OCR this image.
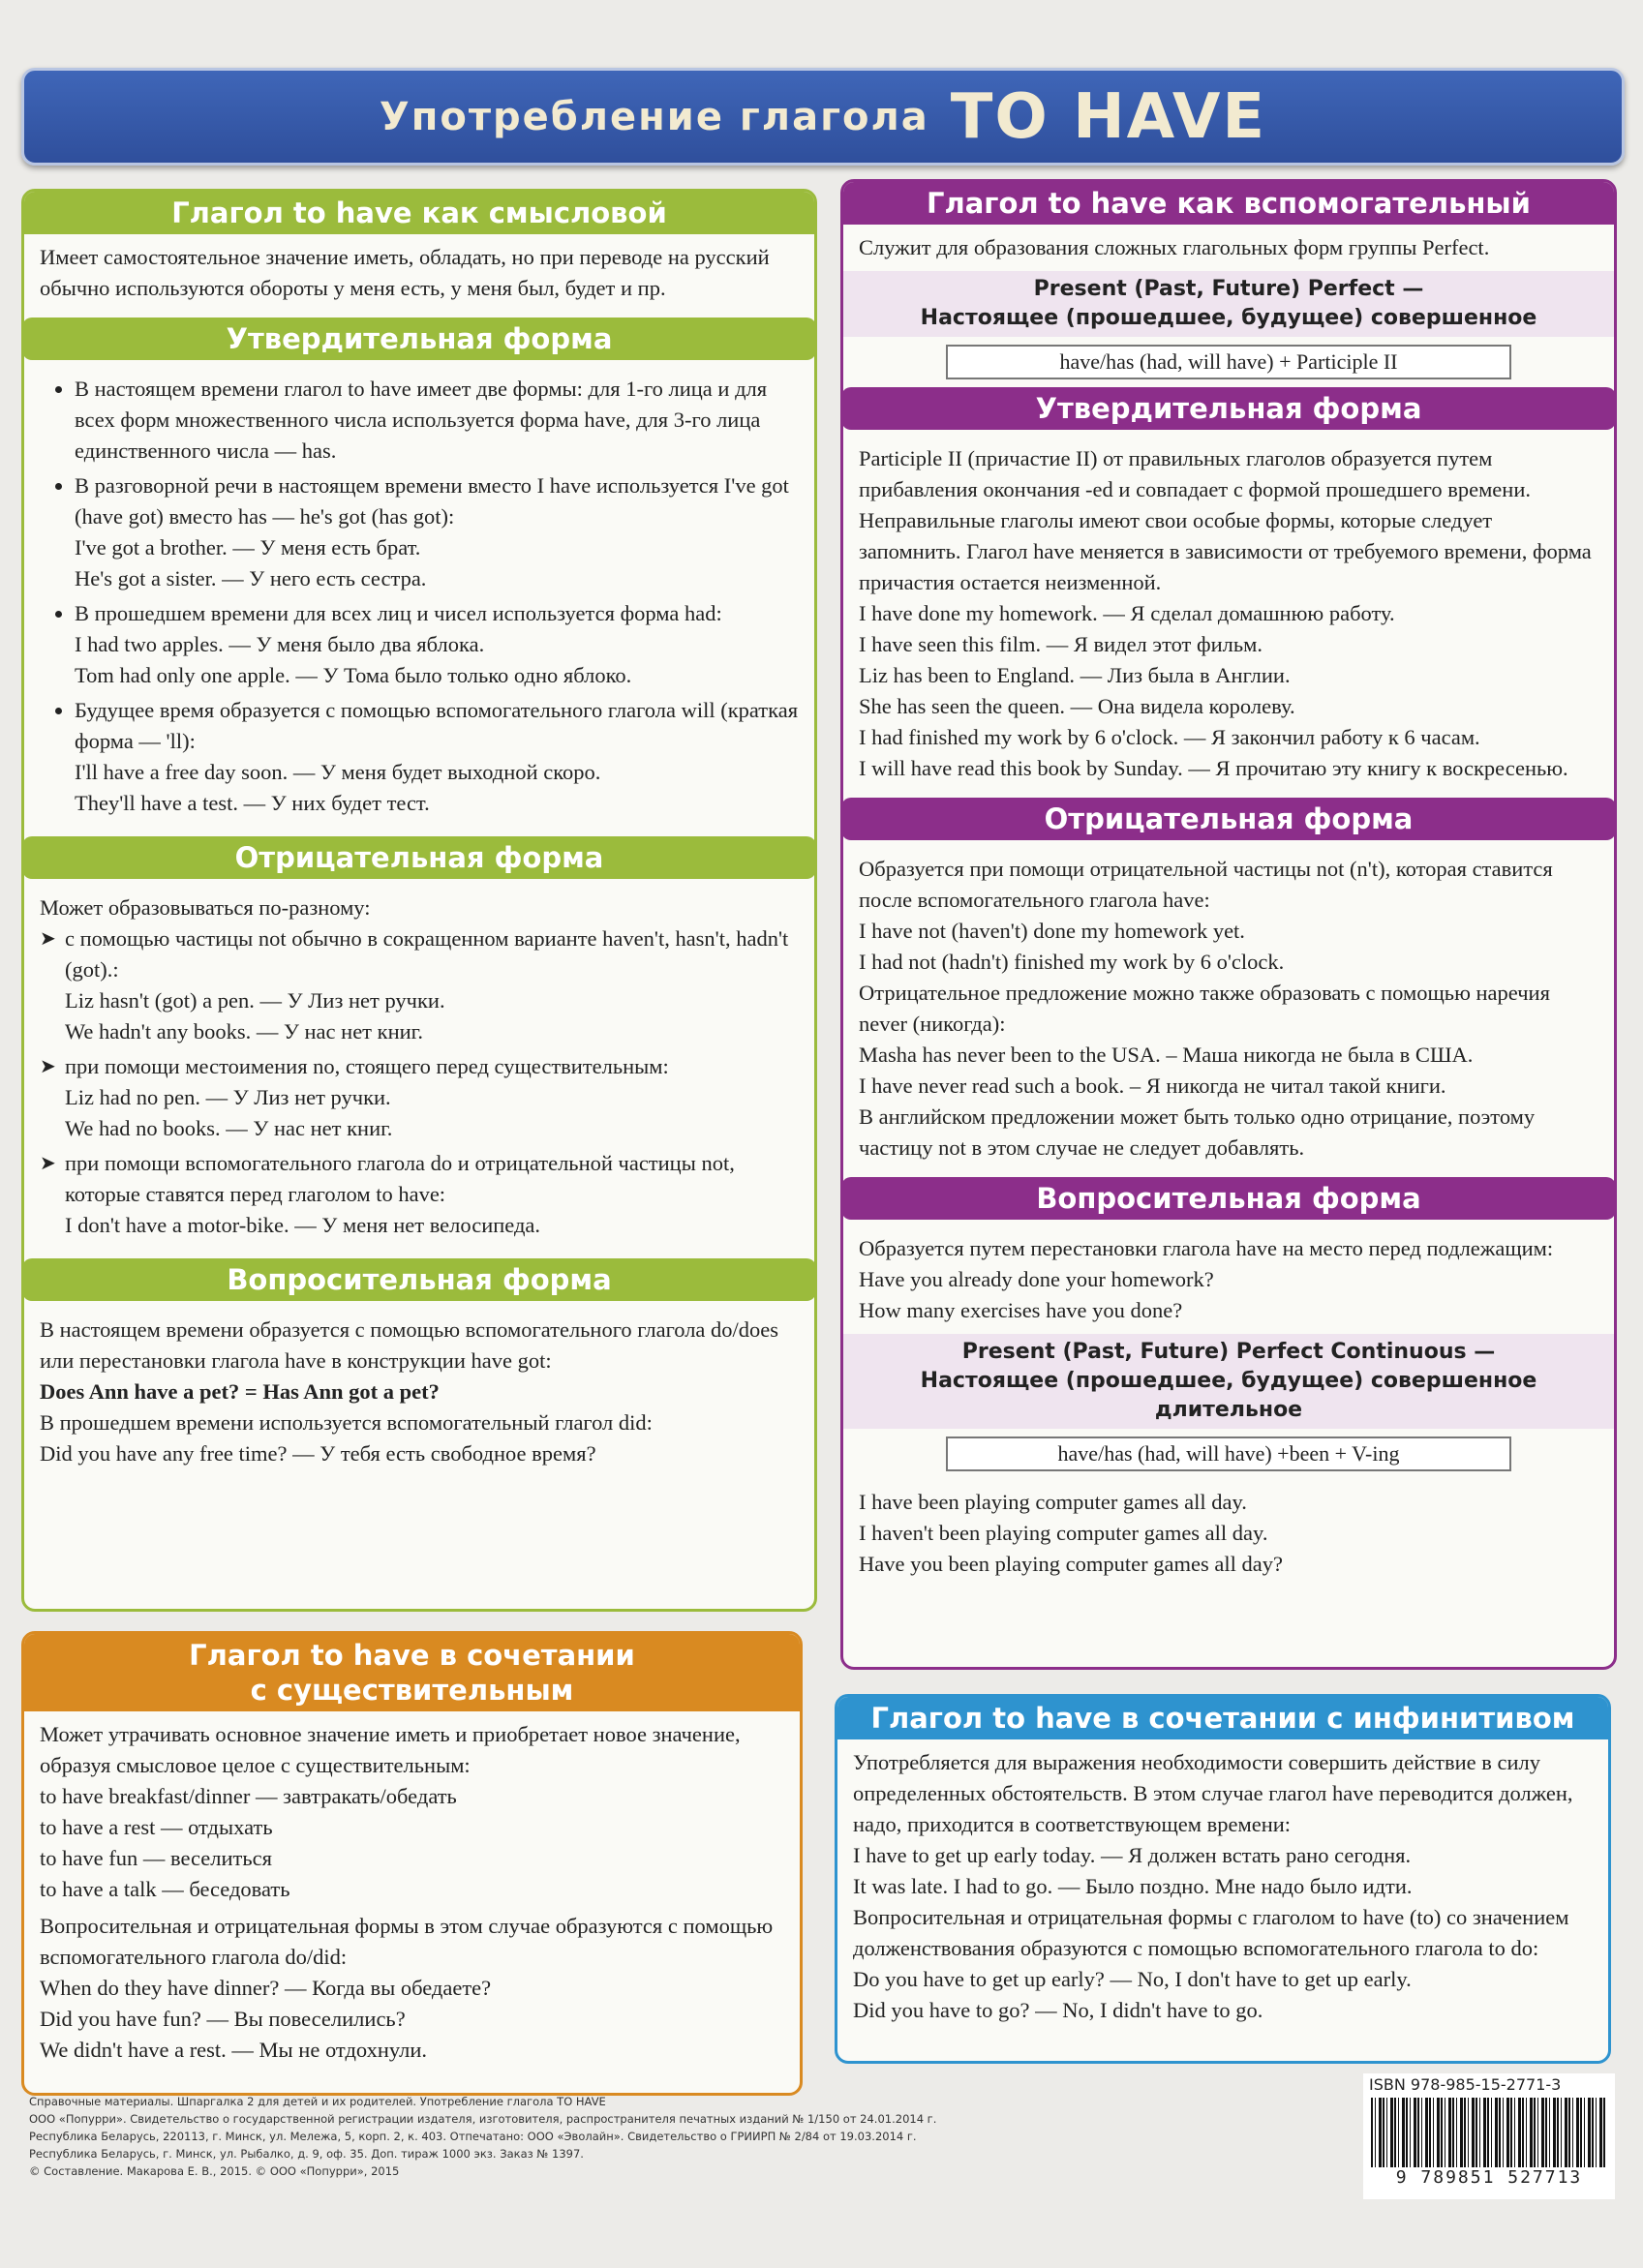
Употребление глагола TO HAVE
Глагол to have как смысловой

Имеет самостоятельное значение иметь, обладать, но при переводе на русский обычно используются обороты у меня есть, у меня был, будет и пр.

Утвердительная форма
• В настоящем времени глагол to have имеет две формы: для 1-го лица и для всех форм множественного числа используется форма have, для 3-го лица единственного числа — has.
• В разговорной речи в настоящем времени вместо I have используется I've got (have got) вместо has — he's got (has got):
I've got a brother. — У меня есть брат.
He's got a sister. — У него есть сестра.
• В прошедшем времени для всех лиц и чисел используется форма had:
I had two apples. — У меня было два яблока.
Tom had only one apple. — У Тома было только одно яблоко.
• Будущее время образуется с помощью вспомогательного глагола will (краткая форма — 'll):
I'll have a free day soon. — У меня будет выходной скоро.
They'll have a test. — У них будет тест.
Отрицательная форма

Может образовываться по-разному:

➤ с помощью частицы not обычно в сокращенном варианте haven't, hasn't, hadn't (got).:
Liz hasn't (got) a pen. — У Лиз нет ручки.
We hadn't any books. — У нас нет книг.
➤ при помощи местоимения no, стоящего перед существительным:
Liz had no pen. — У Лиз нет ручки.
We had no books. — У нас нет книг.
➤ при помощи вспомогательного глагола do и отрицательной частицы not, которые ставятся перед глаголом to have:
I don't have a motor-bike. — У меня нет велосипеда.
Вопросительная форма

В настоящем времени образуется с помощью вспомогательного глагола do/does или перестановки глагола have в конструкции have got:

Does Ann have a pet? = Has Ann got a pet?

В прошедшем времени используется вспомогательный глагол did:

Did you have any free time? — У тебя есть свободное время?

Глагол to have в сочетании
с существительным

Может утрачивать основное значение иметь и приобретает новое значение, образуя смысловое целое с существительным:

to have breakfast/dinner — завтракать/обедать

to have a rest — отдыхать

to have fun — веселиться

to have a talk — беседовать

Вопросительная и отрицательная формы в этом случае образуются с помощью вспомогательного глагола do/did:

When do they have dinner? — Когда вы обедаете?

Did you have fun? — Вы повеселились?

We didn't have a rest. — Мы не отдохнули.

Глагол to have как вспомогательный

Служит для образования сложных глагольных форм группы Perfect.

Present (Past, Future) Perfect —
Настоящее (прошедшее, будущее) совершенное
have/has (had, will have) + Participle II
Утвердительная форма

Participle II (причастие II) от правильных глаголов образуется путем прибавления окончания -ed и совпадает с формой прошедшего времени. Неправильные глаголы имеют свои особые формы, которые следует запомнить. Глагол have меняется в зависимости от требуемого времени, форма причастия остается неизменной.

I have done my homework. — Я сделал домашнюю работу.

I have seen this film. — Я видел этот фильм.

Liz has been to England. — Лиз была в Англии.

She has seen the queen. — Она видела королеву.

I had finished my work by 6 o'clock. — Я закончил работу к 6 часам.

I will have read this book by Sunday. — Я прочитаю эту книгу к воскресенью.

Отрицательная форма

Образуется при помощи отрицательной частицы not (n't), которая ставится после вспомогательного глагола have:

I have not (haven't) done my homework yet.

I had not (hadn't) finished my work by 6 o'clock.

Отрицательное предложение можно также образовать с помощью наречия never (никогда):

Masha has never been to the USA. – Маша никогда не была в США.

I have never read such a book. – Я никогда не читал такой книги.

В английском предложении может быть только одно отрицание, поэтому частицу not в этом случае не следует добавлять.

Вопросительная форма

Образуется путем перестановки глагола have на место перед подлежащим:

Have you already done your homework?

How many exercises have you done?

Present (Past, Future) Perfect Continuous —
Настоящее (прошедшее, будущее) совершенное длительное
have/has (had, will have) +been + V-ing

I have been playing computer games all day.

I haven't been playing computer games all day.

Have you been playing computer games all day?

Глагол to have в сочетании с инфинитивом

Употребляется для выражения необходимости совершить действие в силу определенных обстоятельств. В этом случае глагол have переводится должен, надо, приходится в соответствующем времени:

I have to get up early today. — Я должен встать рано сегодня.

It was late. I had to go. — Было поздно. Мне надо было идти.

Вопросительная и отрицательная формы с глаголом to have (to) со значением долженствования образуются с помощью вспомогательного глагола to do:

Do you have to get up early? — No, I don't have to get up early.

Did you have to go? — No, I didn't have to go.

Справочные материалы. Шпаргалка 2 для детей и их родителей. Употребление глагола TO HAVE
ООО «Попурри». Свидетельство о государственной регистрации издателя, изготовителя, распространителя печатных изданий № 1/150 от 24.01.2014 г.
Республика Беларусь, 220113, г. Минск, ул. Мележа, 5, корп. 2, к. 403. Отпечатано: ООО «Эволайн». Свидетельство о ГРИИРП № 2/84 от 19.03.2014 г.
Республика Беларусь, г. Минск, ул. Рыбалко, д. 9, оф. 35. Доп. тираж 1000 экз. Заказ № 1397.
© Составление. Макарова Е. В., 2015. © ООО «Попурри», 2015
ISBN 978-985-15-2771-3
9 789851 527713
